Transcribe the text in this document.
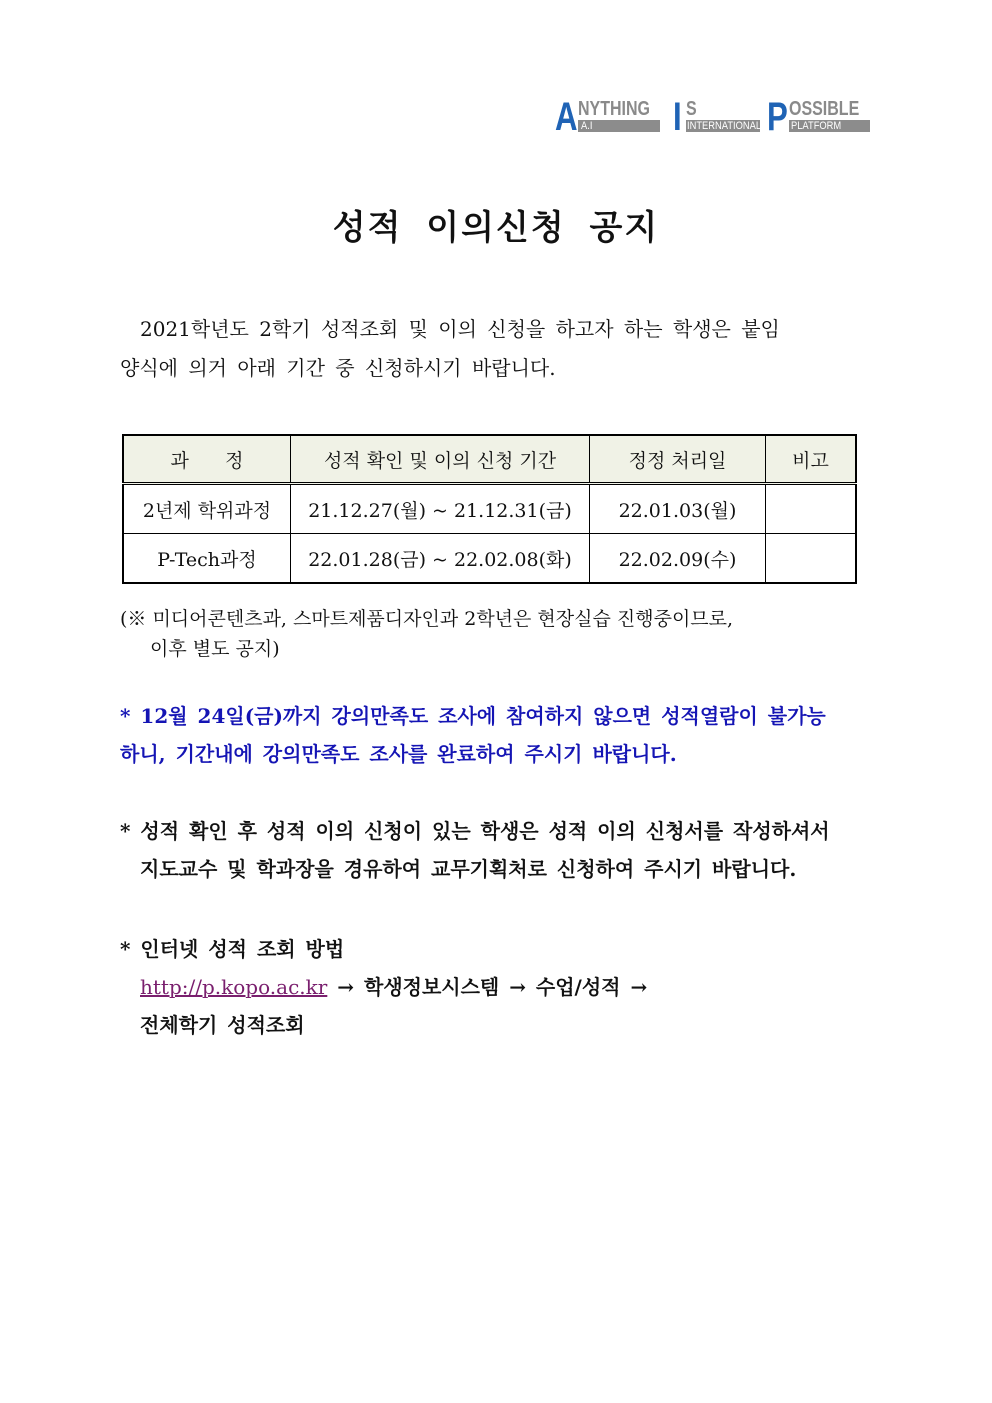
A NYTHING
A.I I S
INTERNATIONAL P OSSIBLE
PLATFORM
성적 이의신청 공지
2021학년도 2학기 성적조회 및 이의 신청을 하고자 하는 학생은 붙임
양식에 의거 아래 기간 중 신청하시기 바랍니다.
과      정	성적 확인 및 이의 신청 기간	정정 처리일	비고
2년제 학위과정	21.12.27(월) ~ 21.12.31(금)	22.01.03(월)	
P-Tech과정	22.01.28(금) ~ 22.02.08(화)	22.02.09(수)	
(※ 미디어콘텐츠과, 스마트제품디자인과 2학년은 현장실습 진행중이므로,
이후 별도 공지)
* 12월 24일(금)까지 강의만족도 조사에 참여하지 않으면 성적열람이 불가능
하니, 기간내에 강의만족도 조사를 완료하여 주시기 바랍니다.
* 성적 확인 후 성적 이의 신청이 있는 학생은 성적 이의 신청서를 작성하셔서
지도교수 및 학과장을 경유하여 교무기획처로 신청하여 주시기 바랍니다.
* 인터넷 성적 조회 방법
http://p.kopo.ac.kr → 학생정보시스템 → 수업/성적 →
전체학기 성적조회
